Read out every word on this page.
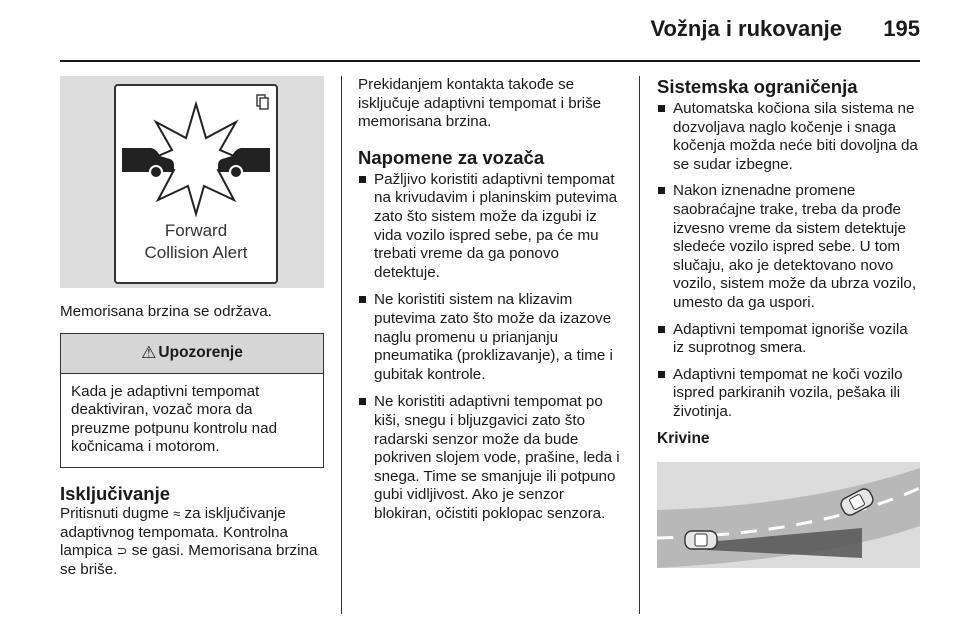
Vožnja i rukovanje 195
Forward
Collision Alert

Memorisana brzina se održava.

⚠ Upozorenje
Kada je adaptivni tempomat deaktiviran, vozač mora da preuzme potpunu kontrolu nad kočnicama i motorom.
Isključivanje

Pritisnuti dugme ≈ za isključivanje adaptivnog tempomata. Kontrolna lampica ⊃ se gasi. Memorisana brzina se briše.

Prekidanjem kontakta takođe se isključuje adaptivni tempomat i briše memorisana brzina.

Napomene za vozača
Pažljivo koristiti adaptivni tempomat na krivudavim i planinskim putevima zato što sistem može da izgubi iz vida vozilo ispred sebe, pa će mu trebati vreme da ga ponovo detektuje.
Ne koristiti sistem na klizavim putevima zato što može da izazove naglu promenu u prianjanju pneumatika (proklizavanje), a time i gubitak kontrole.
Ne koristiti adaptivni tempomat po kiši, snegu i bljuzgavici zato što radarski senzor može da bude pokriven slojem vode, prašine, leda i snega. Time se smanjuje ili potpuno gubi vidljivost. Ako je senzor blokiran, očistiti poklopac senzora.
Sistemska ograničenja
Automatska kočiona sila sistema ne dozvoljava naglo kočenje i snaga kočenja možda neće biti dovoljna da se sudar izbegne.
Nakon iznenadne promene saobraćajne trake, treba da prođe izvesno vreme da sistem detektuje sledeće vozilo ispred sebe. U tom slučaju, ako je detektovano novo vozilo, sistem može da ubrza vozilo, umesto da ga uspori.
Adaptivni tempomat ignoriše vozila iz suprotnog smera.
Adaptivni tempomat ne koči vozilo ispred parkiranih vozila, pešaka ili životinja.
Krivine
